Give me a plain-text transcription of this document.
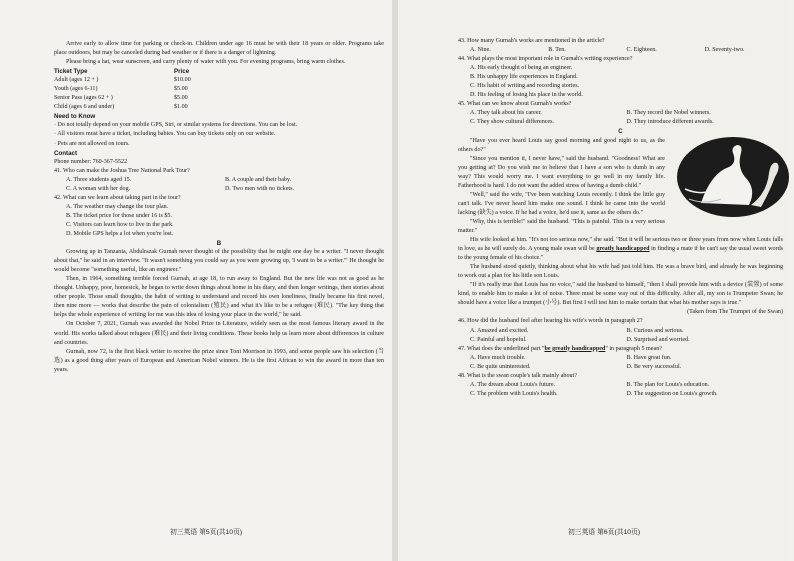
Arrive early to allow time for parking or check-in. Children under age 16 must be with their 18 years or older. Programs take place outdoors, but may be canceled during bad weather or if there is a danger of lightning.

Please bring a hat, wear sunscreen, and carry plenty of water with you. For evening programs, bring warm clothes.

Ticket Type	Price
Adult (ages 12 + )	$10.00
Youth (ages 6-11)	$5.00
Senior Pass (ages 62 + )	$5.00
Child (ages 6 and under)	$1.00

Need to Know

· Do not totally depend on your mobile GPS, Siri, or similar systems for directions. You can be lost.

· All visitors must have a ticket, including babies. You can buy tickets only on our website.

· Pets are not allowed on tours.

Contact

Phone number: 760-367-5522

41. Who can make the Joshua Tree National Park Tour?

A. Three students aged 15.	B. A couple and their baby.
C. A woman with her dog.	D. Two men with no tickets.

42. What can we learn about taking part in the tour?

A. The weather may change the tour plan.

B. The ticket price for those under 16 is $5.

C. Visitors can learn how to live in the park.

D. Mobile GPS helps a lot when you're lost.

B

Growing up in Tanzania, Abdulrazak Gurnah never thought of the possibility that he might one day be a writer. "I never thought about that," he said in an interview. "It wasn't something you could say as you were growing up, 'I want to be a writer.'" He thought he would become "something useful, like an engineer."

Then, in 1964, something terrible forced Gurnah, at age 18, to run away to England. But the new life was not as good as he thought. Unhappy, poor, homesick, he began to write down things about home in his diary, and then longer writings, then stories about other people. Those small thoughts, the habit of writing to understand and record his own loneliness, finally became his first novel, then nine more — works that describe the pain of colonialism (殖民) and what it's like to be a refugee (难民). "The key thing that helps the whole experience of writing for me was this idea of losing your place in the world," he said.

On October 7, 2021, Gurnah was awarded the Nobel Prize in Literature, widely seen as the most famous literary award in the world. His works talked about refugees (难民) and their living conditions. These books help us learn more about differences in culture and countries.

Gurnah, now 72, is the first black writer to receive the prize since Toni Morrison in 1993, and some people saw his selection (当选) as a good thing after years of European and American Nobel winners. He is the first African to win the award in more than ten years.

初三英语 第5页(共10页)

43. How many Gurnah's works are mentioned in the article?

A. Nine.	B. Ten.	C. Eighteen.	D. Seventy-two.

44. What plays the most important role in Gurnah's writing experience?

A. His early thought of being an engineer.

B. His unhappy life experiences in England.

C. His habit of writing and recording stories.

D. His feeling of losing his place in the world.

45. What can we know about Gurnah's works?

A. They talk about his career.	B. They record the Nobel winners.
C. They show cultural differences.	D. They introduce different awards.

C

"Have you ever heard Louis say good morning and good night to us, as the others do?"

"Since you mention it, I never have," said the husband. "Goodness! What are you getting at? Do you wish me to believe that I have a son who is dumb in any way? This would worry me. I want everything to go well in my family life. Fatherhood is hard. I do not want the added stress of having a dumb child."

"Well," said the wife, "I've been watching Louis recently. I think the little guy can't talk. I've never heard him make one sound. I think he came into the world lacking (缺失) a voice. If he had a voice, he'd use it, same as the others do."

"Why, this is terrible!" said the husband. "This is painful. This is a very serious matter."

His wife looked at him. "It's not too serious now," she said. "But it will be serious two or three years from now when Louis falls in love, as he will surely do. A young male swan will be greatly handicapped in finding a mate if he can't say the usual sweet words to the young female of his choice."

The husband stood quietly, thinking about what his wife had just told him. He was a brave bird, and already he was beginning to work out a plan for his little son Louis.

"If it's really true that Louis has no voice," said the husband to himself, "then I shall provide him with a device (装置) of some kind, to enable him to make a lot of noise. There must be some way out of this difficulty. After all, my son is Trumpeter Swan; he should have a voice like a trumpet (小号). But first I will test him to make certain that what his mother says is true."

(Taken from The Trumpet of the Swan)

46. How did the husband feel after hearing his wife's words in paragraph 2?

A. Amazed and excited.	B. Curious and serious.
C. Painful and hopeful.	D. Surprised and worried.

47. What does the underlined part "be greatly handicapped" in paragraph 5 mean?

A. Have much trouble.	B. Have great fun.
C. Be quite uninterested.	D. Be very successful.

48. What is the swan couple's talk mainly about?

A. The dream about Louis's future.	B. The plan for Louis's education.
C. The problem with Louis's health.	D. The suggestion on Louis's growth.
初三英语 第6页(共10页)
